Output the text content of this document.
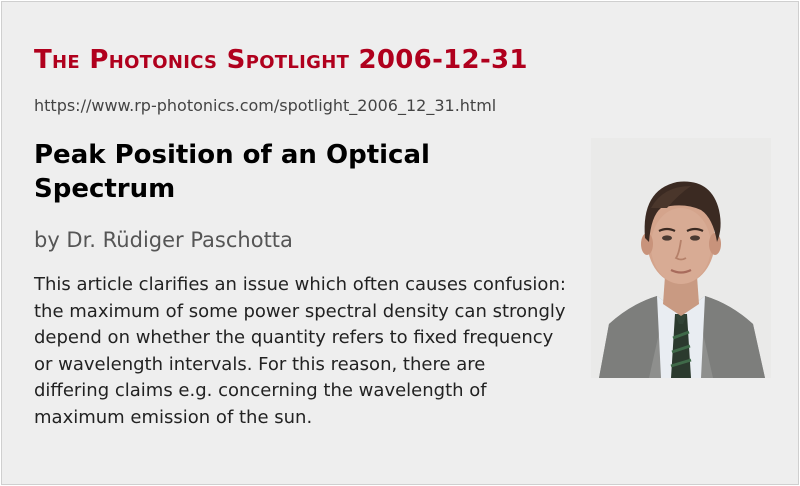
The Photonics Spotlight 2006-12-31
https://www.rp-photonics.com/spotlight_2006_12_31.html
Peak Position of an Optical Spectrum
by Dr. Rüdiger Paschotta

This article clarifies an issue which often causes confusion: the maximum of some power spectral density can strongly depend on whether the quantity refers to fixed frequency or wavelength intervals. For this reason, there are differing claims e.g. concerning the wavelength of maximum emission of the sun.
